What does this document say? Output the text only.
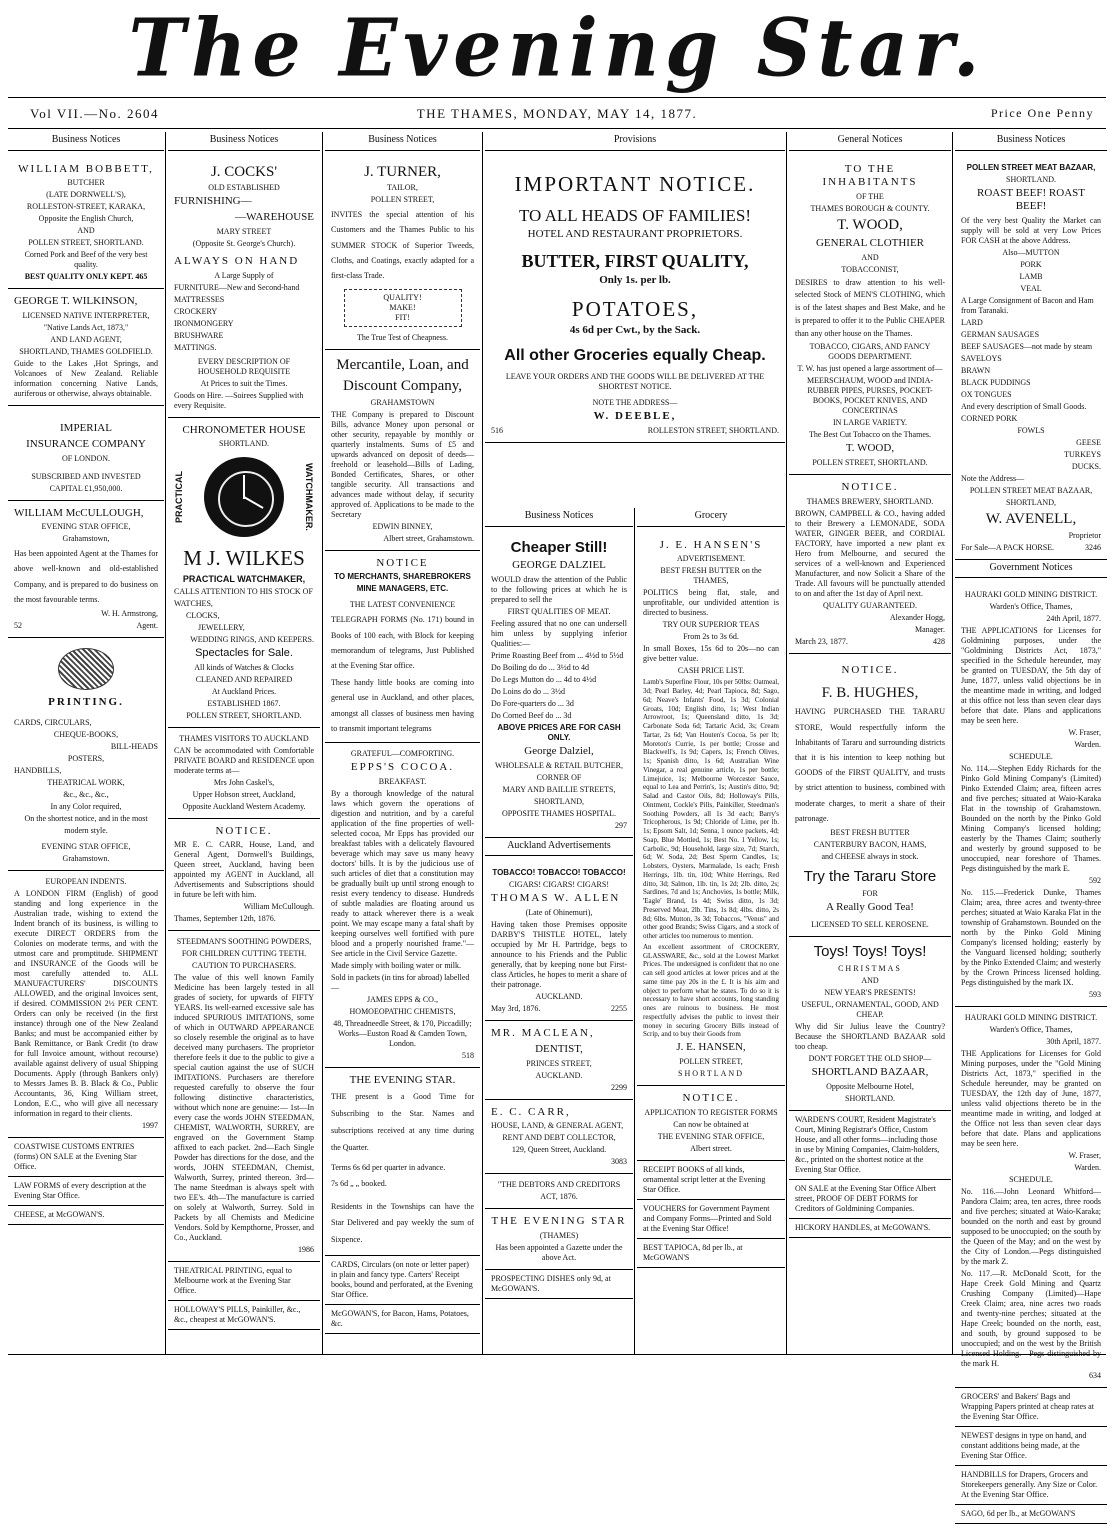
The Evening Star.
Vol VII.—No. 2604	THE THAMES, MONDAY, MAY 14, 1877.	Price One Penny
Business Notices

WILLIAM BOBBETT,

BUTCHER

(LATE DORNWELL'S),

ROLLESTON-STREET, KARAKA,

Opposite the English Church,

AND

POLLEN STREET, SHORTLAND.

Corned Pork and Beef of the very best quality.

BEST QUALITY ONLY KEPT. 465

GEORGE T. WILKINSON,

LICENSED NATIVE INTERPRETER,

"Native Lands Act, 1873,"

AND LAND AGENT,

SHORTLAND, THAMES GOLDFIELD.

Guide to the Lakes ,Hot Springs, and Volcanoes of New Zealand. Reliable information concerning Native Lands, auriferous or otherwise, always obtainable.

IMPERIAL

INSURANCE COMPANY

OF LONDON.

SUBSCRIBED AND INVESTED

CAPITAL £1,950,000.

WILLIAM McCULLOUGH,

EVENING STAR OFFICE,

Grahamstown,

Has been appointed Agent at the Thames for above well-known and old-established Company, and is prepared to do business on the most favourable terms.

W. H. Armstrong,

52	Agent.

PRINTING.

CARDS, CIRCULARS,

CHEQUE-BOOKS,

BILL-HEADS

POSTERS,

HANDBILLS,

THEATRICAL WORK,

&c., &c., &c.,

In any Color required,

On the shortest notice, and in the most

modern style.

EVENING STAR OFFICE,

Grahamstown.

EUROPEAN INDENTS.

A LONDON FIRM (English) of good standing and long experience in the Australian trade, wishing to extend the Indent branch of its business, is willing to execute DIRECT ORDERS from the Colonies on moderate terms, and with the utmost care and promptitude. SHIPMENT and INSURANCE of the Goods will be most carefully attended to. ALL MANUFACTURERS' DISCOUNTS ALLOWED, and the original Invoices sent, if desired. COMMISSION 2½ PER CENT. Orders can only be received (in the first instance) through one of the New Zealand Banks; and must be accompanied either by Bank Remittance, or Bank Credit (to draw for full Invoice amount, without recourse) available against delivery of usual Shipping Documents. Apply (through Bankers only) to Messrs James B. B. Black & Co., Public Accountants, 36, King William street, London, E.C., who will give all necessary information in regard to their clients.

1997

COASTWISE CUSTOMS ENTRIES (forms) ON SALE at the Evening Star Office.
LAW FORMS of every description at the Evening Star Office.
CHEESE, at McGOWAN'S.
Business Notices

J. COCKS'

OLD ESTABLISHED

FURNISHING—

—WAREHOUSE

MARY STREET

(Opposite St. George's Church).

ALWAYS ON HAND

A Large Supply of

FURNITURE—New and Second-hand

MATTRESSES

CROCKERY

IRONMONGERY

BRUSHWARE

MATTINGS.

EVERY DESCRIPTION OF HOUSEHOLD REQUISITE

At Prices to suit the Times.

Goods on Hire. —Soirees Supplied with every Requisite.

CHRONOMETER HOUSE

SHORTLAND.

PRACTICAL	WATCHMAKER.

M J. WILKES

PRACTICAL WATCHMAKER,

CALLS ATTENTION TO HIS STOCK OF

WATCHES,

CLOCKS,

JEWELLERY,

WEDDING RINGS, AND KEEPERS.

Spectacles for Sale.

All kinds of Watches & Clocks

CLEANED AND REPAIRED

At Auckland Prices.

ESTABLISHED 1867.

POLLEN STREET, SHORTLAND.

THAMES VISITORS TO AUCKLAND

CAN be accommodated with Comfortable PRIVATE BOARD and RESIDENCE upon moderate terms at—

Mrs John Caskel's,

Upper Hobson street, Auckland,

Opposite Auckland Western Academy.

NOTICE.

MR E. C. CARR, House, Land, and General Agent, Dornwell's Buildings, Queen street, Auckland, having been appointed my AGENT in Auckland, all Advertisements and Subscriptions should in future be left with him.

William McCullough.

Thames, September 12th, 1876.

STEEDMAN'S SOOTHING POWDERS,

FOR CHILDREN CUTTING TEETH.

CAUTION TO PURCHASERS.

The value of this well known Family Medicine has been largely tested in all grades of society, for upwards of FIFTY YEARS. Its well-earned excessive sale has induced SPURIOUS IMITATIONS, some of which in OUTWARD APPEARANCE so closely resemble the original as to have deceived many purchasers. The proprietor therefore feels it due to the public to give a special caution against the use of SUCH IMITATIONS. Purchasers are therefore requested carefully to observe the four following distinctive characteristics, without which none are genuine:— 1st—In every case the words JOHN STEEDMAN, CHEMIST, WALWORTH, SURREY, are engraved on the Government Stamp affixed to each packet. 2nd—Each Single Powder has directions for the dose, and the words, JOHN STEEDMAN, Chemist, Walworth, Surrey, printed thereon. 3rd—The name Steedman is always spelt with two EE's. 4th—The manufacture is carried on solely at Walworth, Surrey. Sold in Packets by all Chemists and Medicine Vendors. Sold by Kempthorne, Prosser, and Co., Auckland.

1986

THEATRICAL PRINTING, equal to Melbourne work at the Evening Star Office.
HOLLOWAY'S PILLS, Painkiller, &c., &c., cheapest at McGOWAN'S.
Business Notices

J. TURNER,

TAILOR,

POLLEN STREET,

INVITES the special attention of his Customers and the Thames Public to his SUMMER STOCK of Superior Tweeds, Cloths, and Coatings, exactly adapted for a first-class Trade.

QUALITY!
MAKE!
FIT!

The True Test of Cheapness.

Mercantile, Loan, and

Discount Company,

GRAHAMSTOWN

THE Company is prepared to Discount Bills, advance Money upon personal or other security, repayable by monthly or quarterly instalments. Sums of £5 and upwards advanced on deposit of deeds—freehold or leasehold—Bills of Lading, Bonded Certificates, Shares, or other tangible security. All transactions and advances made without delay, if security approved of. Applications to be made to the Secretary

EDWIN BINNEY,

Albert street, Grahamstown.

NOTICE

TO MERCHANTS, SHAREBROKERS

MINE MANAGERS, ETC.

THE LATEST CONVENIENCE

TELEGRAPH FORMS (No. 171) bound in Books of 100 each, with Block for keeping memorandum of telegrams, Just Published at the Evening Star office.

These handy little books are coming into general use in Auckland, and other places, amongst all classes of business men having to transmit important telegrams

GRATEFUL—COMFORTING.

EPPS'S COCOA.

BREAKFAST.

By a thorough knowledge of the natural laws which govern the operations of digestion and nutrition, and by a careful application of the fine properties of well-selected cocoa, Mr Epps has provided our breakfast tables with a delicately flavoured beverage which may save us many heavy doctors' bills. It is by the judicious use of such articles of diet that a constitution may be gradually built up until strong enough to resist every tendency to disease. Hundreds of subtle maladies are floating around us ready to attack wherever there is a weak point. We may escape many a fatal shaft by keeping ourselves well fortified with pure blood and a properly nourished frame."—See article in the Civil Service Gazette.

Made simply with boiling water or milk.

Sold in packets (in tins for abroad) labelled—

JAMES EPPS & CO.,

HOMOEOPATHIC CHEMISTS,

48, Threadneedle Street, & 170, Piccadilly; Works—Euston Road & Camden Town, London.

518

THE EVENING STAR.

THE present is a Good Time for Subscribing to the Star. Names and subscriptions received at any time during the Quarter.

Terms 6s 6d per quarter in advance.

7s 6d „ „ booked.

Residents in the Townships can have the Star Delivered and pay weekly the sum of Sixpence.

CARDS, Circulars (on note or letter paper) in plain and fancy type. Carters' Receipt books, bound and perforated, at the Evening Star Office.
McGOWAN'S, for Bacon, Hams, Potatoes, &c.
Provisions

IMPORTANT NOTICE.

TO ALL HEADS OF FAMILIES!

HOTEL AND RESTAURANT PROPRIETORS.

BUTTER, FIRST QUALITY,

Only 1s. per lb.

POTATOES,

4s 6d per Cwt., by the Sack.

All other Groceries equally Cheap.

LEAVE YOUR ORDERS AND THE GOODS WILL BE DELIVERED AT THE SHORTEST NOTICE.

NOTE THE ADDRESS—

W. DEEBLE,

516	ROLLESTON STREET, SHORTLAND.

Business Notices

Cheaper Still!

GEORGE DALZIEL

WOULD draw the attention of the Public to the following prices at which he is prepared to sell the

FIRST QUALITIES OF MEAT.

Feeling assured that no one can undersell him unless by supplying inferior Qualities:—

Prime Roasting Beef from ... 4½d to 5½d

Do Boiling do do ... 3½d to 4d

Do Legs Mutton do ... 4d to 4½d

Do Loins do do ... 3½d

Do Fore-quarters do ... 3d

Do Corned Beef do ... 3d

ABOVE PRICES ARE FOR CASH ONLY.

George Dalziel,

WHOLESALE & RETAIL BUTCHER,

CORNER OF

MARY AND BAILLIE STREETS,

SHORTLAND,

OPPOSITE THAMES HOSPITAL.

297

Auckland Advertisements

TOBACCO! TOBACCO! TOBACCO!

CIGARS! CIGARS! CIGARS!

THOMAS W. ALLEN

(Late of Ohinemuri),

Having taken those Premises opposite DARBY'S THISTLE HOTEL, lately occupied by Mr H. Partridge, begs to announce to his Friends and the Public generally, that by keeping none but First-class Articles, he hopes to merit a share of their patronage.

AUCKLAND.

May 3rd, 1876.	2255

MR. MACLEAN,

DENTIST,

PRINCES STREET,

AUCKLAND.

2299

E. C. CARR,

HOUSE, LAND, & GENERAL AGENT,

RENT AND DEBT COLLECTOR,

129, Queen Street, Auckland.

3083

"THE DEBTORS AND CREDITORS

ACT, 1876.

THE EVENING STAR

(THAMES)

Has been appointed a Gazette under the above Act.

PROSPECTING DISHES only 9d, at McGOWAN'S.
Grocery

J. E. HANSEN'S

ADVERTISEMENT.

BEST FRESH BUTTER on the THAMES,

POLITICS being flat, stale, and unprofitable, our undivided attention is directed to business.

TRY OUR SUPERIOR TEAS

From 2s to 3s 6d.

In small Boxes, 15s 6d to 20s—no can give better value.

CASH PRICE LIST.

Lamb's Superfine Flour, 10s per 50lbs: Oatmeal, 3d; Pearl Barley, 4d; Pearl Tapioca, 8d; Sago, 6d; Neave's Infants' Food, 1s 3d; Colonial Groats, 10d; English ditto, 1s; West Indian Arrowroot, 1s; Queensland ditto, 1s 3d; Carbonate Soda 6d; Tartaric Acid, 3s; Cream Tartar, 2s 6d; Van Houten's Cocoa, 5s per lb; Moreton's Currie, 1s per bottle; Crosse and Blackwell's, 1s 9d; Capers, 1s; French Olives, 1s; Spanish ditto, 1s 6d; Australian Wine Vinegar, a real genuine article, 1s per bottle; Limejuice, 1s; Melbourne Worcester Sauce, equal to Lea and Perrin's, 1s; Austin's ditto, 9d; Salad and Castor Oils, 8d; Holloway's Pills, Ointment, Cockle's Pills, Painkiller, Steedman's Soothing Powders, all 1s 3d each; Barry's Tricopherous, 1s 9d; Chloride of Lime, per lb. 1s; Epsom Salt, 1d; Senna, 1 ounce packets, 4d; Soap, Blue Mottled, 1s; Best No. 1 Yellow, 1s; Carbolic, 9d; Household, large size, 7d; Starch, 6d; W. Soda, 2d; Best Sperm Candles, 1s; Lobsters, Oysters, Marmalade, 1s each; Fresh Herrings, 1lb. tin, 10d; White Herrings, Red ditto, 3d; Salmon, 1lb. tin, 1s 2d; 2lb. ditto, 2s; Sardines, 7d and 1s; Anchovies, 1s bottle; Milk, 'Eagle' Brand, 1s 4d; Swiss ditto, 1s 3d; Preserved Meat, 2lb. Tins, 1s 8d; 4lbs. ditto, 2s 8d; 6lbs. Mutton, 3s 3d; Tobaccos, "Venus" and other good Brands; Swiss Cigars, and a stock of other articles too numerous to mention.

An excellent assortment of CROCKERY, GLASSWARE, &c., sold at the Lowest Market Prices. The undersigned is confident that no one can sell good articles at lower prices and at the same time pay 20s in the £. It is his aim and object to perform what he states. To do so it is necessary to have short accounts, long standing ones are ruinous to business. He most respectfully advises the public to invest their money in securing Grocery Bills instead of Scrip, and to buy their Goods from

J. E. HANSEN,

POLLEN STREET,

SHORTLAND

NOTICE.

APPLICATION TO REGISTER FORMS

Can now be obtained at

THE EVENING STAR OFFICE,

Albert street.

RECEIPT BOOKS of all kinds, ornamental script letter at the Evening Star Office.
VOUCHERS for Government Payment and Company Forms—Printed and Sold at the Evening Star Office!
BEST TAPIOCA, 8d per lb., at McGOWAN'S
General Notices

TO THE INHABITANTS

OF THE

THAMES BOROUGH & COUNTY.

T. WOOD,

GENERAL CLOTHIER

AND

TOBACCONIST,

DESIRES to draw attention to his well-selected Stock of MEN'S CLOTHING, which is of the latest shapes and Best Make, and he is prepared to offer it to the Public CHEAPER than any other house on the Thames.

TOBACCO, CIGARS, AND FANCY GOODS DEPARTMENT.

T. W. has just opened a large assortment of—

MEERSCHAUM, WOOD and INDIA-RUBBER PIPES, PURSES, POCKET-BOOKS, POCKET KNIVES, AND CONCERTINAS

IN LARGE VARIETY.

The Best Cut Tobacco on the Thames.

T. WOOD,

POLLEN STREET, SHORTLAND.

NOTICE.

THAMES BREWERY, SHORTLAND.

BROWN, CAMPBELL & CO., having added to their Brewery a LEMONADE, SODA WATER, GINGER BEER, and CORDIAL FACTORY, have imported a new plant ex Hero from Melbourne, and secured the services of a well-known and Experienced Manufacturer, and now Solicit a Share of the Trade. All favours will be punctually attended to on and after the 1st day of April next.

QUALITY GUARANTEED.

Alexander Hogg,

Manager.

March 23, 1877.	428

NOTICE.

F. B. HUGHES,

HAVING PURCHASED THE TARARU STORE, Would respectfully inform the Inhabitants of Tararu and surrounding districts that it is his intention to keep nothing but GOODS of the FIRST QUALITY, and trusts by strict attention to business, combined with moderate charges, to merit a share of their patronage.

BEST FRESH BUTTER

CANTERBURY BACON, HAMS,

and CHEESE always in stock.

Try the Tararu Store

FOR

A Really Good Tea!

LICENSED TO SELL KEROSENE.

Toys! Toys! Toys!

CHRISTMAS

AND

NEW YEAR'S PRESENTS!

USEFUL, ORNAMENTAL, GOOD, AND CHEAP.

Why did Sir Julius leave the Country? Because the SHORTLAND BAZAAR sold too cheap.

DON'T FORGET THE OLD SHOP—

SHORTLAND BAZAAR,

Opposite Melbourne Hotel,

SHORTLAND.

WARDEN'S COURT, Resident Magistrate's Court, Mining Registrar's Office, Custom House, and all other forms—including those in use by Mining Companies, Claim-holders, &c., printed on the shortest notice at the Evening Star Office.
ON SALE at the Evening Star Office Albert street, PROOF OF DEBT FORMS for Creditors of Goldmining Companies.
HICKORY HANDLES, at McGOWAN'S.
Business Notices

POLLEN STREET MEAT BAZAAR,

SHORTLAND.

ROAST BEEF! ROAST BEEF!

Of the very best Quality the Market can supply will be sold at very Low Prices FOR CASH at the above Address.

Also—MUTTON

PORK

LAMB

VEAL

A Large Consignment of Bacon and Ham from Taranaki.

LARD

GERMAN SAUSAGES

BEEF SAUSAGES—not made by steam

SAVELOYS

BRAWN

BLACK PUDDINGS

OX TONGUES

And every description of Small Goods.

CORNED PORK

FOWLS

GEESE

TURKEYS

DUCKS.

Note the Address—

POLLEN STREET MEAT BAZAAR,

SHORTLAND,

W. AVENELL,

Proprietor

For Sale—A PACK HORSE.	3246

Government Notices

HAURAKI GOLD MINING DISTRICT.

Warden's Office, Thames,

24th April, 1877.

THE APPLICATIONS for Licenses for Goldmining purposes, under the "Goldmining Districts Act, 1873," specified in the Schedule hereunder, may be granted on TUESDAY, the 5th day of June, 1877, unless valid objections be in the meantime made in writing, and lodged at this office not less than seven clear days before that date. Plans and applications may be seen here.

W. Fraser,

Warden.

SCHEDULE.

No. 114.—Stephen Eddy Richards for the Pinko Gold Mining Company's (Limited) Pinko Extended Claim; area, fifteen acres and five perches; situated at Waio-Karaka Flat in the township of Grahamstown. Bounded on the north by the Pinko Gold Mining Company's licensed holding; easterly by the Thames Claim; southerly and westerly by ground supposed to be unoccupied, near foreshore of Thames. Pegs distinguished by the mark E.

592

No. 115.—Frederick Dunke, Thames Claim; area, three acres and twenty-three perches; situated at Waio Karaka Flat in the township of Grahamstown. Bounded on the north by the Pinko Gold Mining Company's licensed holding; easterly by the Vanguard licensed holding; southerly by the Pinko Extended Claim; and westerly by the Crown Princess licensed holding. Pegs distinguished by the mark IX.

593

HAURAKI GOLD MINING DISTRICT.

Warden's Office, Thames,

30th April, 1877.

THE Applications for Licenses for Gold Mining purposes, under the "Gold Mining Districts Act, 1873," specified in the Schedule hereunder, may be granted on TUESDAY, the 12th day of June, 1877, unless valid objections thereto be in the meantime made in writing, and lodged at the Office not less than seven clear days before that date. Plans and applications may be seen here.

W. Fraser,

Warden.

SCHEDULE.

No. 116.—John Leonard Whitford—Pandora Claim; area, ten acres, three roods and five perches; situated at Waio-Karaka; bounded on the north and east by ground supposed to be unoccupied; on the south by the Queen of the May; and on the west by the City of London.—Pegs distinguished by the mark Z.

No. 117.—R. McDonald Scott, for the Hape Creek Gold Mining and Quartz Crushing Company (Limited)—Hape Creek Claim; area, nine acres two roads and twenty-nine perches; situated at the Hape Creek; bounded on the north, east, and south, by ground supposed to be unoccupied; and on the west by the British Licensed Holding.—Pegs distinguished by the mark H.

634

GROCERS' and Bakers' Bags and Wrapping Papers printed at cheap rates at the Evening Star Office.
NEWEST designs in type on hand, and constant additions being made, at the Evening Star Office.
HANDBILLS for Drapers, Grocers and Storekeepers generally. Any Size or Color. At the Evening Star Office.
SAGO, 6d per lb., at McGOWAN'S
